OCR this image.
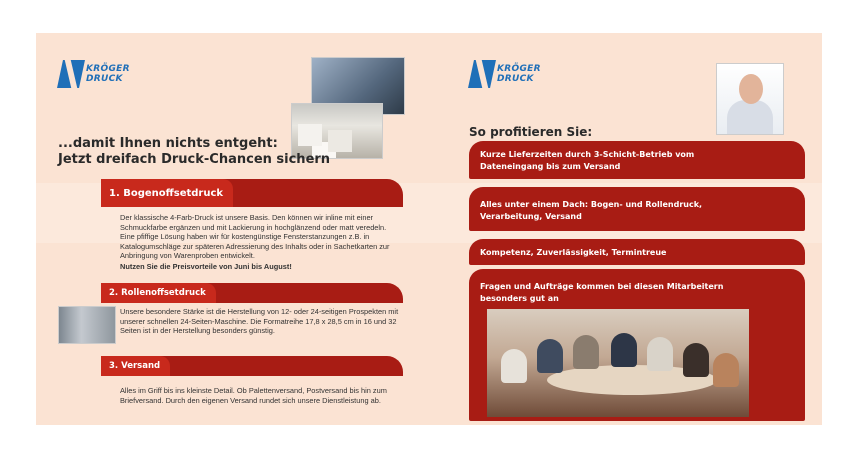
KRÖGER
DRUCK
...damit Ihnen nichts entgeht:
Jetzt dreifach Druck-Chancen sichern
1. Bogenoffsetdruck
Der klassische 4-Farb-Druck ist unsere Basis. Den können wir inline mit einer Schmuckfarbe ergänzen und mit Lackierung in hochglänzend oder matt veredeln. Eine pfiffige Lösung haben wir für kostengünstige Fensterstanzungen z.B. in Katalogumschläge zur späteren Adressierung des Inhalts oder in Sachetkarten zur Anbringung von Warenproben entwickelt.
Nutzen Sie die Preisvorteile von Juni bis August!
2. Rollenoffsetdruck
Unsere besondere Stärke ist die Herstellung von 12- oder 24-seitigen Prospekten mit unserer schnellen 24-Seiten-Maschine. Die Formatreihe 17,8 x 28,5 cm in 16 und 32 Seiten ist in der Herstellung besonders günstig.
3. Versand
Alles im Griff bis ins kleinste Detail. Ob Palettenversand, Postversand bis hin zum Briefversand. Durch den eigenen Versand rundet sich unsere Dienstleistung ab.
KRÖGER
DRUCK
So profitieren Sie:
Kurze Lieferzeiten durch 3-Schicht-Betrieb vom
Dateneingang bis zum Versand
Alles unter einem Dach: Bogen- und Rollendruck,
Verarbeitung, Versand
Kompetenz, Zuverlässigkeit, Termintreue
Fragen und Aufträge kommen bei diesen Mitarbeitern
besonders gut an
